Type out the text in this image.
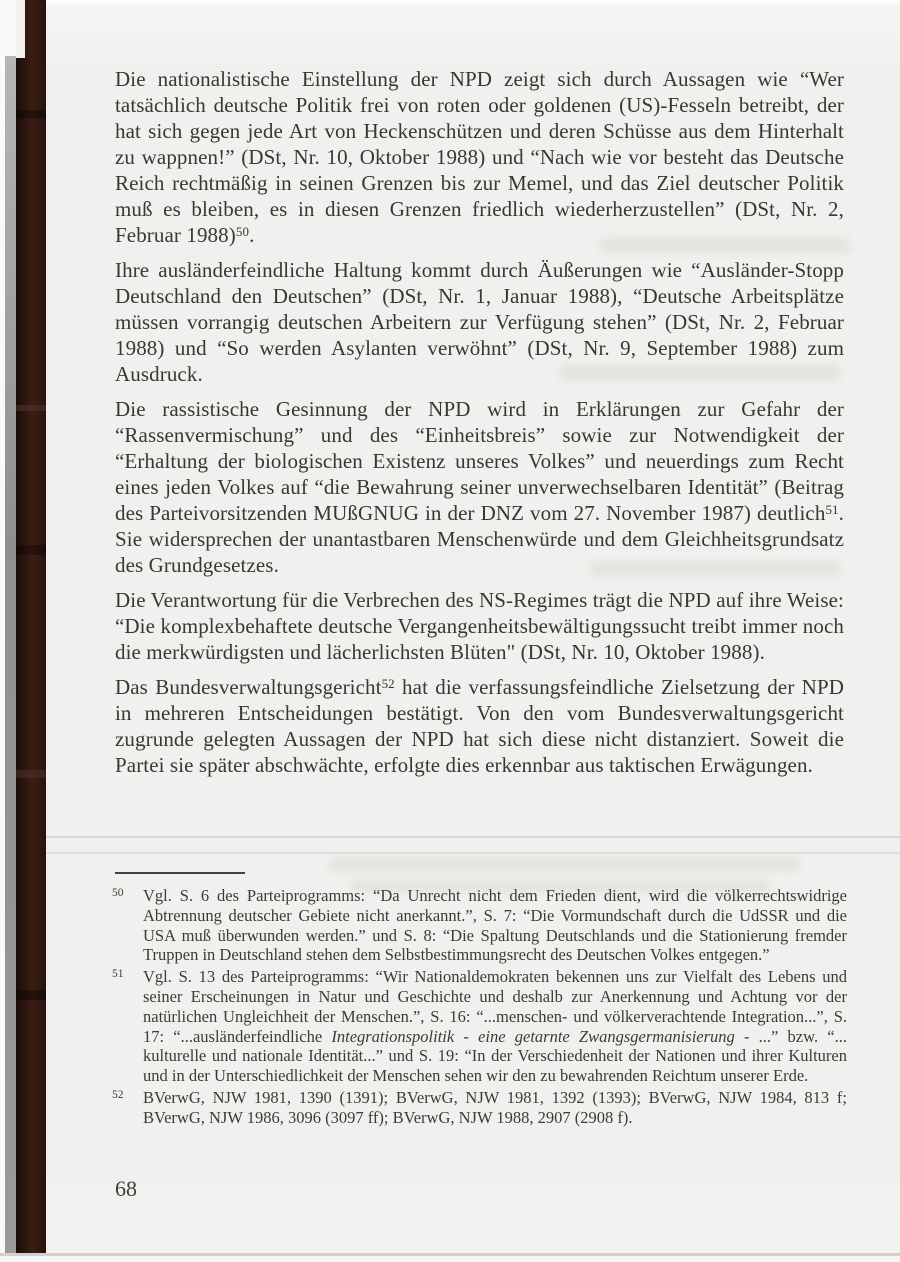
Die nationalistische Einstellung der NPD zeigt sich durch Aussagen wie “Wer tatsächlich deutsche Politik frei von roten oder goldenen (US)-Fesseln betreibt, der hat sich gegen jede Art von Heckenschützen und deren Schüsse aus dem Hinterhalt zu wappnen!” (DSt, Nr. 10, Oktober 1988) und “Nach wie vor besteht das Deutsche Reich rechtmäßig in seinen Grenzen bis zur Memel, und das Ziel deutscher Politik muß es bleiben, es in diesen Grenzen friedlich wiederherzustellen” (DSt, Nr. 2, Februar 1988)$^{50}$.
Ihre ausländerfeindliche Haltung kommt durch Äußerungen wie “Ausländer-Stopp Deutschland den Deutschen” (DSt, Nr. 1, Januar 1988), “Deutsche Arbeitsplätze müssen vorrangig deutschen Arbeitern zur Verfügung stehen” (DSt, Nr. 2, Februar 1988) und “So werden Asylanten verwöhnt” (DSt, Nr. 9, September 1988) zum Ausdruck.
Die rassistische Gesinnung der NPD wird in Erklärungen zur Gefahr der “Rassenvermischung” und des “Einheitsbreis” sowie zur Notwendigkeit der “Erhaltung der biologischen Existenz unseres Volkes” und neuerdings zum Recht eines jeden Volkes auf “die Bewahrung seiner unverwechselbaren Identität” (Beitrag des Parteivorsitzenden MUßGNUG in der DNZ vom 27. November 1987) deutlich$^{51}$. Sie widersprechen der unantastbaren Menschenwürde und dem Gleichheitsgrundsatz des Grundgesetzes.
Die Verantwortung für die Verbrechen des NS-Regimes trägt die NPD auf ihre Weise: “Die komplexbehaftete deutsche Vergangenheitsbewältigungssucht treibt immer noch die merkwürdigsten und lächerlichsten Blüten" (DSt, Nr. 10, Oktober 1988).
Das Bundesverwaltungsgericht$^{52}$ hat die verfassungsfeindliche Zielsetzung der NPD in mehreren Entscheidungen bestätigt. Von den vom Bundesverwaltungsgericht zugrunde gelegten Aussagen der NPD hat sich diese nicht distanziert. Soweit die Partei sie später abschwächte, erfolgte dies erkennbar aus taktischen Erwägungen.
50 Vgl. S. 6 des Parteiprogramms: “Da Unrecht nicht dem Frieden dient, wird die völkerrechtswidrige Abtrennung deutscher Gebiete nicht anerkannt.”, S. 7: “Die Vormundschaft durch die UdSSR und die USA muß überwunden werden.” und S. 8: “Die Spaltung Deutschlands und die Stationierung fremder Truppen in Deutschland stehen dem Selbstbestimmungsrecht des Deutschen Volkes entgegen.”
51 Vgl. S. 13 des Parteiprogramms: “Wir Nationaldemokraten bekennen uns zur Vielfalt des Lebens und seiner Erscheinungen in Natur und Geschichte und deshalb zur Anerkennung und Achtung vor der natürlichen Ungleichheit der Menschen.”, S. 16: “...menschen- und völkerverachtende Integration...”, S. 17: “...ausländerfeindliche Integrationspolitik - eine getarnte Zwangsgermanisierung - ...” bzw. “... kulturelle und nationale Identität...” und S. 19: “In der Verschiedenheit der Nationen und ihrer Kulturen und in der Unterschiedlichkeit der Menschen sehen wir den zu bewahrenden Reichtum unserer Erde.
52 BVerwG, NJW 1981, 1390 (1391); BVerwG, NJW 1981, 1392 (1393); BVerwG, NJW 1984, 813 f; BVerwG, NJW 1986, 3096 (3097 ff); BVerwG, NJW 1988, 2907 (2908 f).
68
